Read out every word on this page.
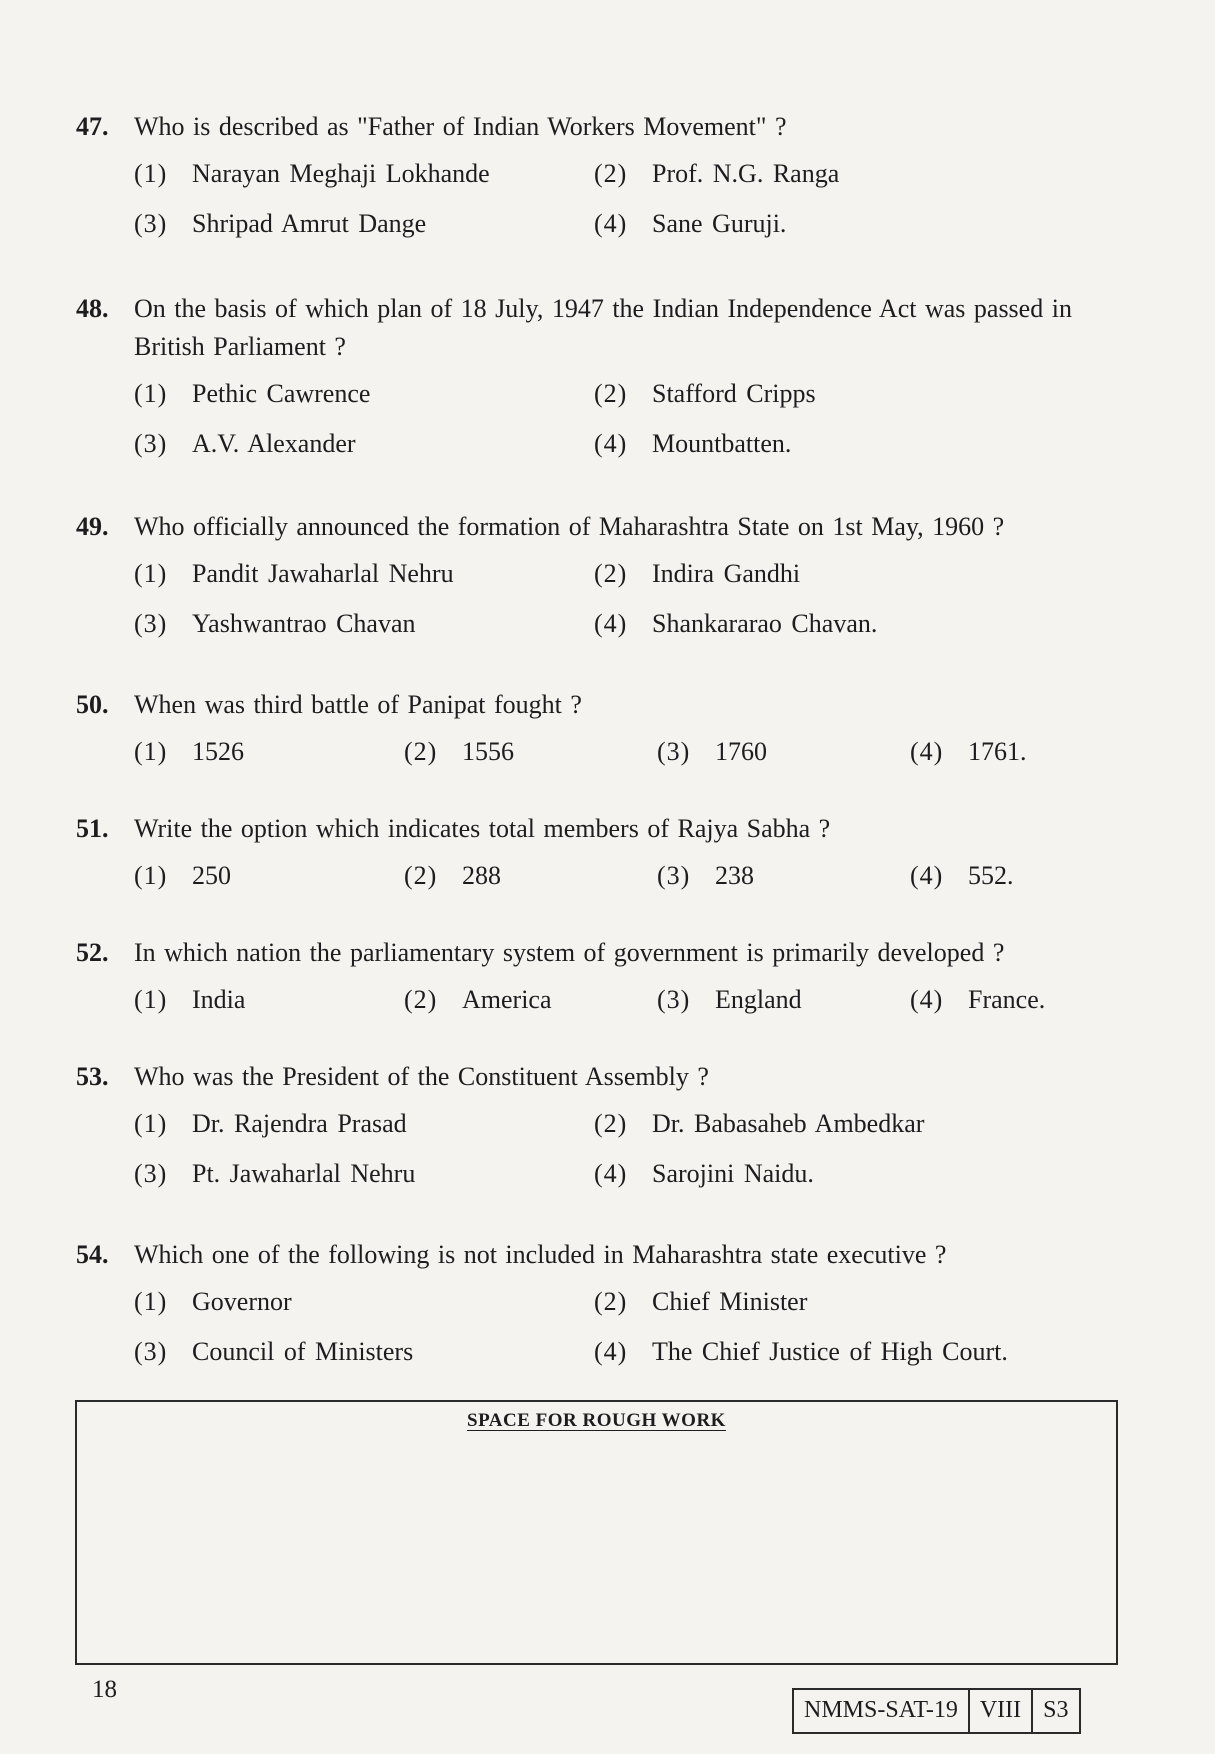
47. Who is described as "Father of Indian Workers Movement" ?
(1) Narayan Meghaji Lokhande	(2) Prof. N.G. Ranga
(3) Shripad Amrut Dange	(4) Sane Guruji.
48. On the basis of which plan of 18 July, 1947 the Indian Independence Act was passed in British Parliament ?
(1) Pethic Cawrence	(2) Stafford Cripps
(3) A.V. Alexander	(4) Mountbatten.
49. Who officially announced the formation of Maharashtra State on 1st May, 1960 ?
(1) Pandit Jawaharlal Nehru	(2) Indira Gandhi
(3) Yashwantrao Chavan	(4) Shankararao Chavan.
50. When was third battle of Panipat fought ?
(1) 1526	(2) 1556	(3) 1760	(4) 1761.
51. Write the option which indicates total members of Rajya Sabha ?
(1) 250	(2) 288	(3) 238	(4) 552.
52. In which nation the parliamentary system of government is primarily developed ?
(1) India	(2) America	(3) England	(4) France.
53. Who was the President of the Constituent Assembly ?
(1) Dr. Rajendra Prasad	(2) Dr. Babasaheb Ambedkar
(3) Pt. Jawaharlal Nehru	(4) Sarojini Naidu.
54. Which one of the following is not included in Maharashtra state executive ?
(1) Governor	(2) Chief Minister
(3) Council of Ministers	(4) The Chief Justice of High Court.
SPACE FOR ROUGH WORK
18
NMMS-SAT-19 VIII S3
